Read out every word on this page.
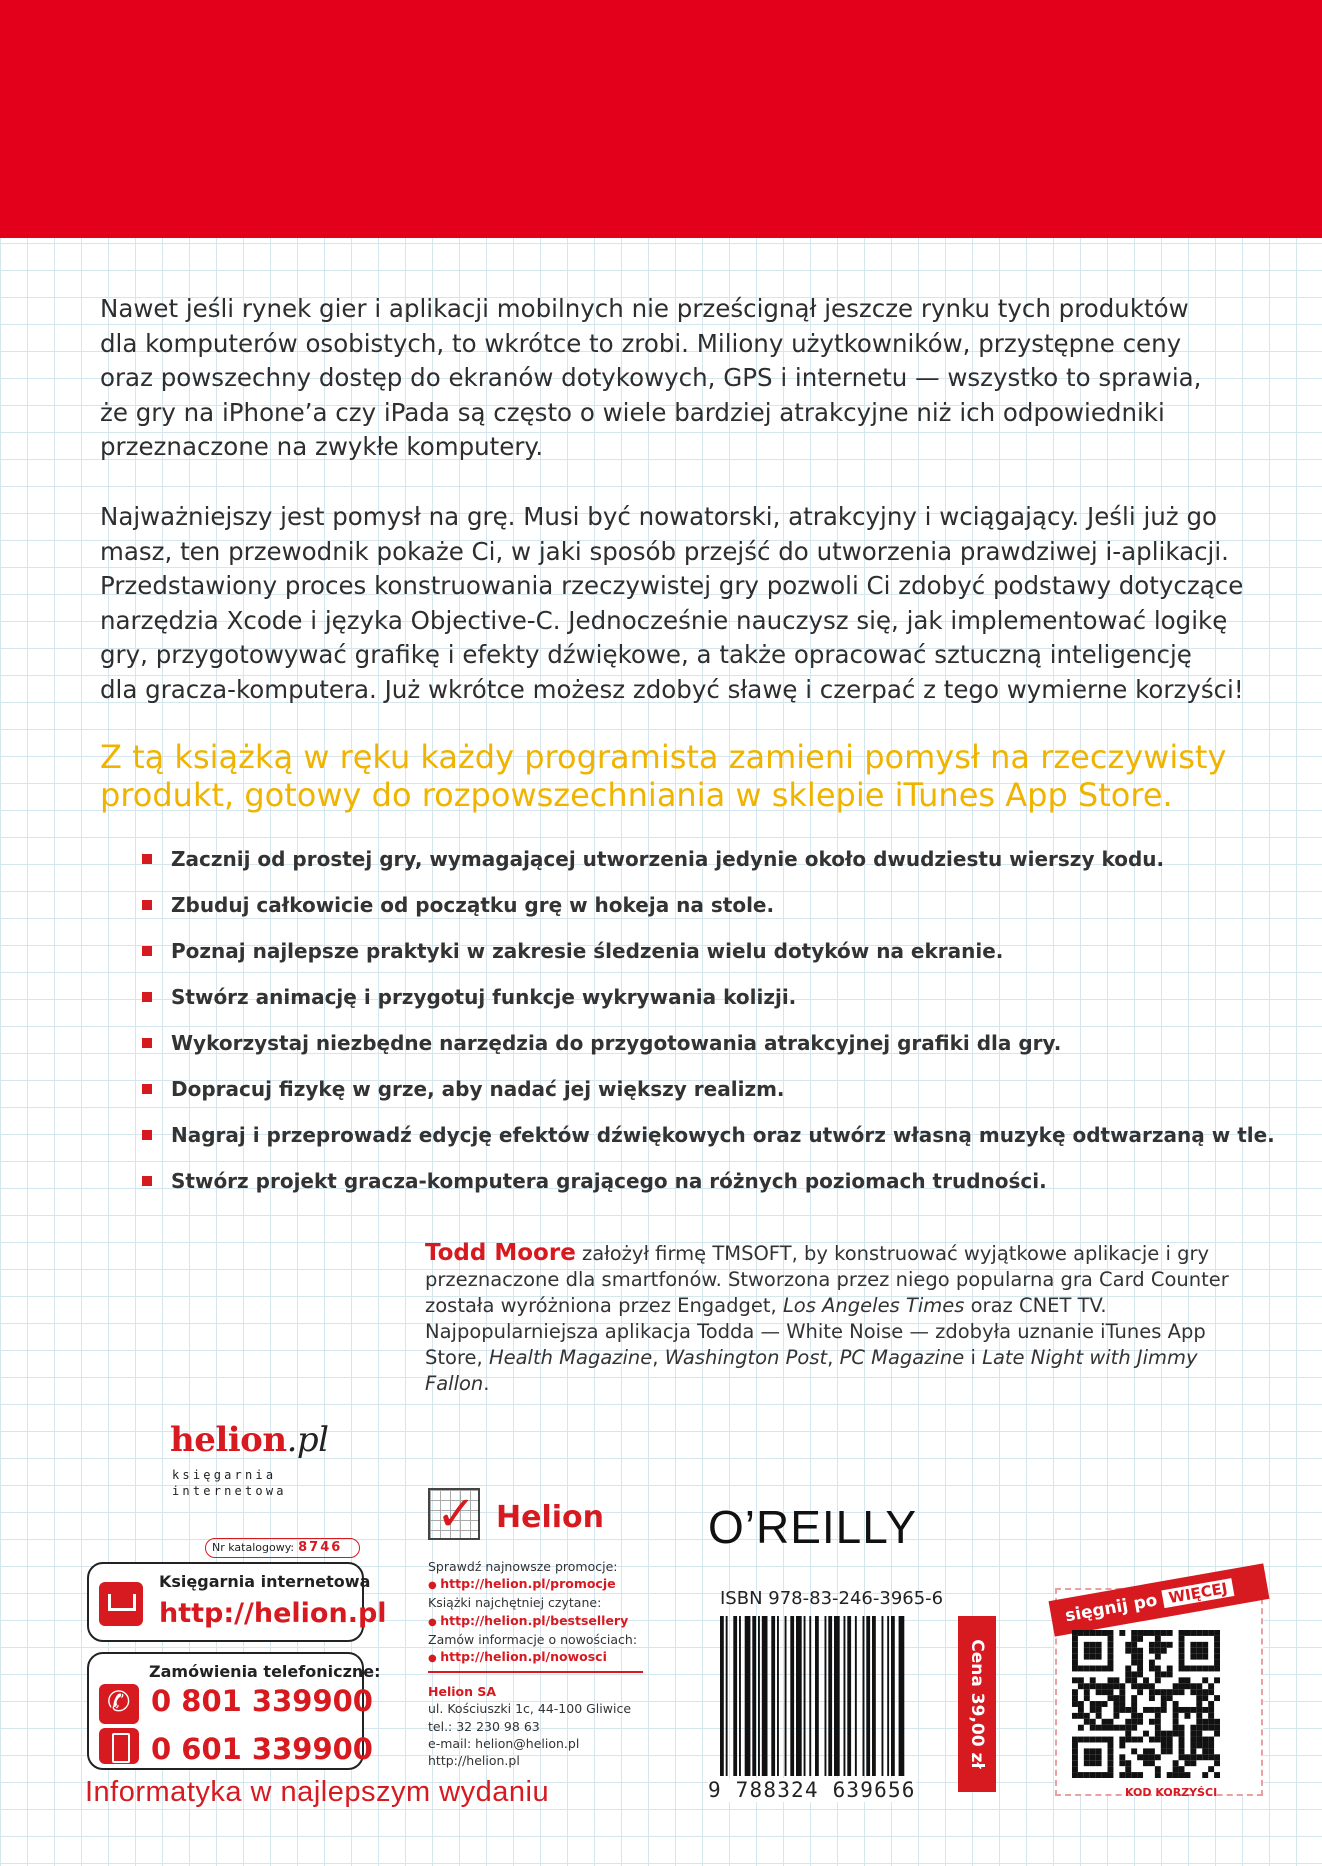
Nawet jeśli rynek gier i aplikacji mobilnych nie prześcignął jeszcze rynku tych produktów

dla komputerów osobistych, to wkrótce to zrobi. Miliony użytkowników, przystępne ceny

oraz powszechny dostęp do ekranów dotykowych, GPS i internetu — wszystko to sprawia,

że gry na iPhone’a czy iPada są często o wiele bardziej atrakcyjne niż ich odpowiedniki

przeznaczone na zwykłe komputery.

Najważniejszy jest pomysł na grę. Musi być nowatorski, atrakcyjny i wciągający. Jeśli już go

masz, ten przewodnik pokaże Ci, w jaki sposób przejść do utworzenia prawdziwej i-aplikacji.

Przedstawiony proces konstruowania rzeczywistej gry pozwoli Ci zdobyć podstawy dotyczące

narzędzia Xcode i języka Objective-C. Jednocześnie nauczysz się, jak implementować logikę

gry, przygotowywać grafikę i efekty dźwiękowe, a także opracować sztuczną inteligencję

dla gracza-komputera. Już wkrótce możesz zdobyć sławę i czerpać z tego wymierne korzyści!

Z tą książką w ręku każdy programista zamieni pomysł na rzeczywisty

produkt, gotowy do rozpowszechniania w sklepie iTunes App Store.

Zacznij od prostej gry, wymagającej utworzenia jedynie około dwudziestu wierszy kodu.
Zbuduj całkowicie od początku grę w hokeja na stole.
Poznaj najlepsze praktyki w zakresie śledzenia wielu dotyków na ekranie.
Stwórz animację i przygotuj funkcje wykrywania kolizji.
Wykorzystaj niezbędne narzędzia do przygotowania atrakcyjnej grafiki dla gry.
Dopracuj fizykę w grze, aby nadać jej większy realizm.
Nagraj i przeprowadź edycję efektów dźwiękowych oraz utwórz własną muzykę odtwarzaną w tle.
Stwórz projekt gracza-komputera grającego na różnych poziomach trudności.
Todd Moore założył firmę TMSOFT, by konstruować wyjątkowe aplikacje i gry przeznaczone dla smartfonów. Stworzona przez niego popularna gra Card Counter została wyróżniona przez Engadget, Los Angeles Times oraz CNET TV. Najpopularniejsza aplikacja Todda — White Noise — zdobyła uznanie iTunes App Store, Health Magazine, Washington Post, PC Magazine i Late Night with Jimmy Fallon.
helion.pl
księgarnia
internetowa
Nr katalogowy: 8746
Księgarnia internetowa
http://helion.pl
✆
Zamówienia telefoniczne:
0 801 339900
0 601 339900
Informatyka w najlepszym wydaniu
✓
Helion

Sprawdź najnowsze promocje:

● http://helion.pl/promocje

Książki najchętniej czytane:

● http://helion.pl/bestsellery

Zamów informacje o nowościach:

● http://helion.pl/nowosci

Helion SA

ul. Kościuszki 1c, 44-100 Gliwice

tel.: 32 230 98 63

e-mail: helion@helion.pl

http://helion.pl

O’REILLY
ISBN 978-83-246-3965-6
9 788324 639656
Cena 39,00 zł
sięgnij po WIĘCEJ
KOD KORZYŚCI
